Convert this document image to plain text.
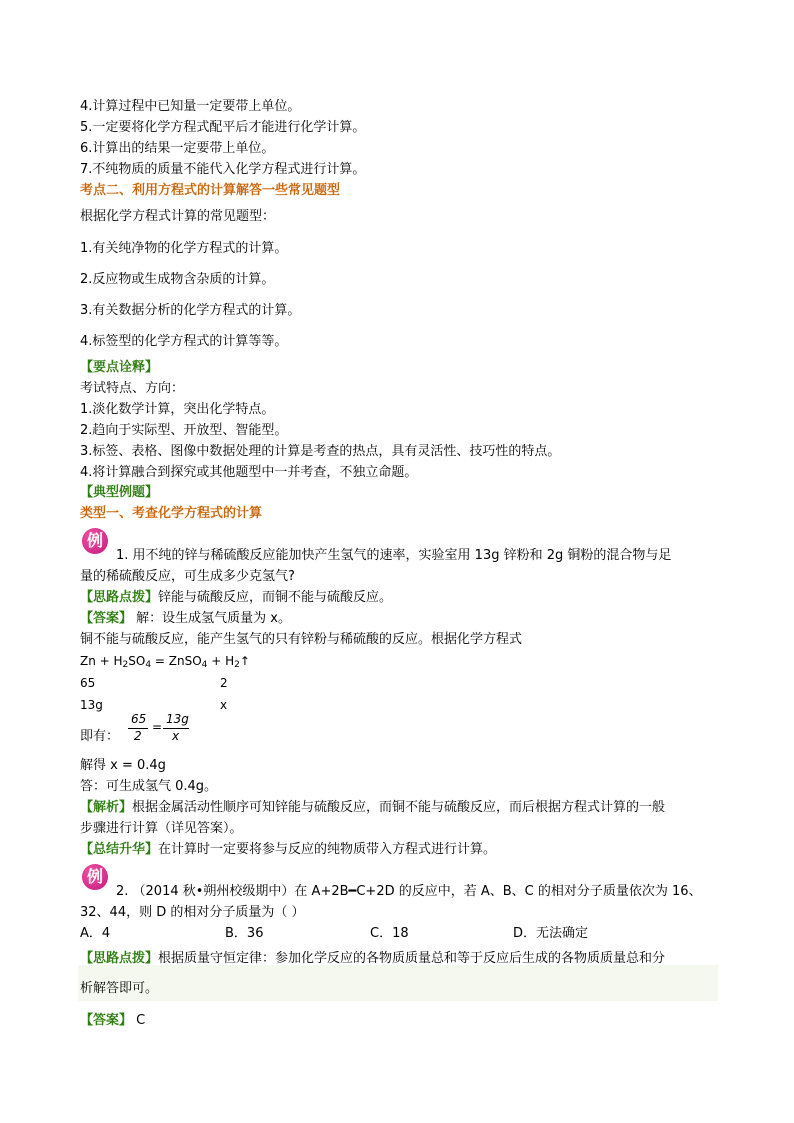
4.计算过程中已知量一定要带上单位。
5.一定要将化学方程式配平后才能进行化学计算。
6.计算出的结果一定要带上单位。
7.不纯物质的质量不能代入化学方程式进行计算。
考点二、利用方程式的计算解答一些常见题型
根据化学方程式计算的常见题型：
1.有关纯净物的化学方程式的计算。
2.反应物或生成物含杂质的计算。
3.有关数据分析的化学方程式的计算。
4.标签型的化学方程式的计算等等。
【要点诠释】
考试特点、方向：
1.淡化数学计算，突出化学特点。
2.趋向于实际型、开放型、智能型。
3.标签、表格、图像中数据处理的计算是考查的热点，具有灵活性、技巧性的特点。
4.将计算融合到探究或其他题型中一并考查，不独立命题。
【典型例题】
类型一、考查化学方程式的计算
例
1. 用不纯的锌与稀硫酸反应能加快产生氢气的速率，实验室用 13g 锌粉和 2g 铜粉的混合物与足
量的稀硫酸反应，可生成多少克氢气?
【思路点拨】锌能与硫酸反应，而铜不能与硫酸反应。
【答案】 解：设生成氢气质量为 x。
铜不能与硫酸反应，能产生氢气的只有锌粉与稀硫酸的反应。根据化学方程式
$Zn + H_2SO_4$ = ZnSO$_4$ + $H_2↑$
65	2
13g	x
即有：
65
2
=
13g
x
解得 x = 0.4g
答：可生成氢气 0.4g。
【解析】根据金属活动性顺序可知锌能与硫酸反应，而铜不能与硫酸反应，而后根据方程式计算的一般
步骤进行计算（详见答案）。
【总结升华】在计算时一定要将参与反应的纯物质带入方程式进行计算。
例
2. （2014 秋•朔州校级期中）在 A+2B━C+2D 的反应中，若 A、B、C 的相对分子质量依次为 16、
32、44，则 D 的相对分子质量为（ ）
A．4	B．36	C．18	D．无法确定
【思路点拨】根据质量守恒定律：参加化学反应的各物质质量总和等于反应后生成的各物质质量总和分
析解答即可。
【答案】 C
